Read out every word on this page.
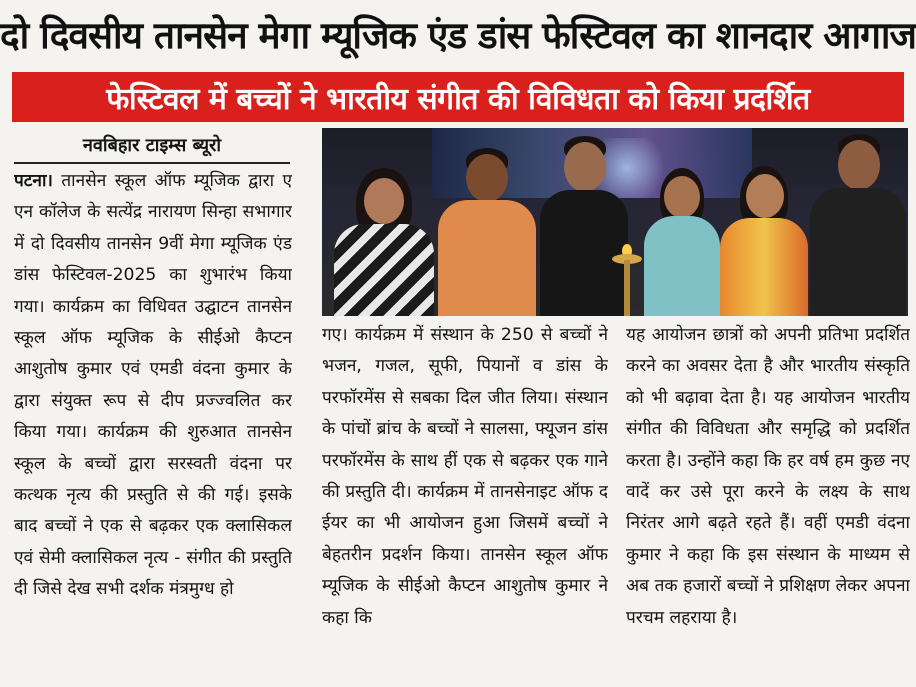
दो दिवसीय तानसेन मेगा म्यूजिक एंड डांस फेस्टिवल का शानदार आगाज
फेस्टिवल में बच्चों ने भारतीय संगीत की विविधता को किया प्रदर्शित
नवबिहार टाइम्स ब्यूरो

पटना। तानसेन स्कूल ऑफ म्यूजिक द्वारा ए एन कॉलेज के सत्येंद्र नारायण सिन्हा सभागार में दो दिवसीय तानसेन 9वीं मेगा म्यूजिक एंड डांस फेस्टिवल-2025 का शुभारंभ किया गया। कार्यक्रम का विधिवत उद्घाटन तानसेन स्कूल ऑफ म्यूजिक के सीईओ कैप्टन आशुतोष कुमार एवं एमडी वंदना कुमार के द्वारा संयुक्त रूप से दीप प्रज्ज्वलित कर किया गया। कार्यक्रम की शुरुआत तानसेन स्कूल के बच्चों द्वारा सरस्वती वंदना पर कत्थक नृत्य की प्रस्तुति से की गई। इसके बाद बच्चों ने एक से बढ़कर एक क्लासिकल एवं सेमी क्लासिकल नृत्य - संगीत की प्रस्तुति दी जिसे देख सभी दर्शक मंत्रमुग्ध हो

गए। कार्यक्रम में संस्थान के 250 से बच्चों ने भजन, गजल, सूफी, पियानों व डांस के परफॉरमेंस से सबका दिल जीत लिया। संस्थान के पांचों ब्रांच के बच्चों ने सालसा, फ्यूजन डांस परफॉरमेंस के साथ हीं एक से बढ़कर एक गाने की प्रस्तुति दी। कार्यक्रम में तानसेनाइट ऑफ द ईयर का भी आयोजन हुआ जिसमें बच्चों ने बेहतरीन प्रदर्शन किया। तानसेन स्कूल ऑफ म्यूजिक के सीईओ कैप्टन आशुतोष कुमार ने कहा कि

यह आयोजन छात्रों को अपनी प्रतिभा प्रदर्शित करने का अवसर देता है और भारतीय संस्कृति को भी बढ़ावा देता है। यह आयोजन भारतीय संगीत की विविधता और समृद्धि को प्रदर्शित करता है। उन्होंने कहा कि हर वर्ष हम कुछ नए वादें कर उसे पूरा करने के लक्ष्य के साथ निरंतर आगे बढ़ते रहते हैं। वहीं एमडी वंदना कुमार ने कहा कि इस संस्थान के माध्यम से अब तक हजारों बच्चों ने प्रशिक्षण लेकर अपना परचम लहराया है।
